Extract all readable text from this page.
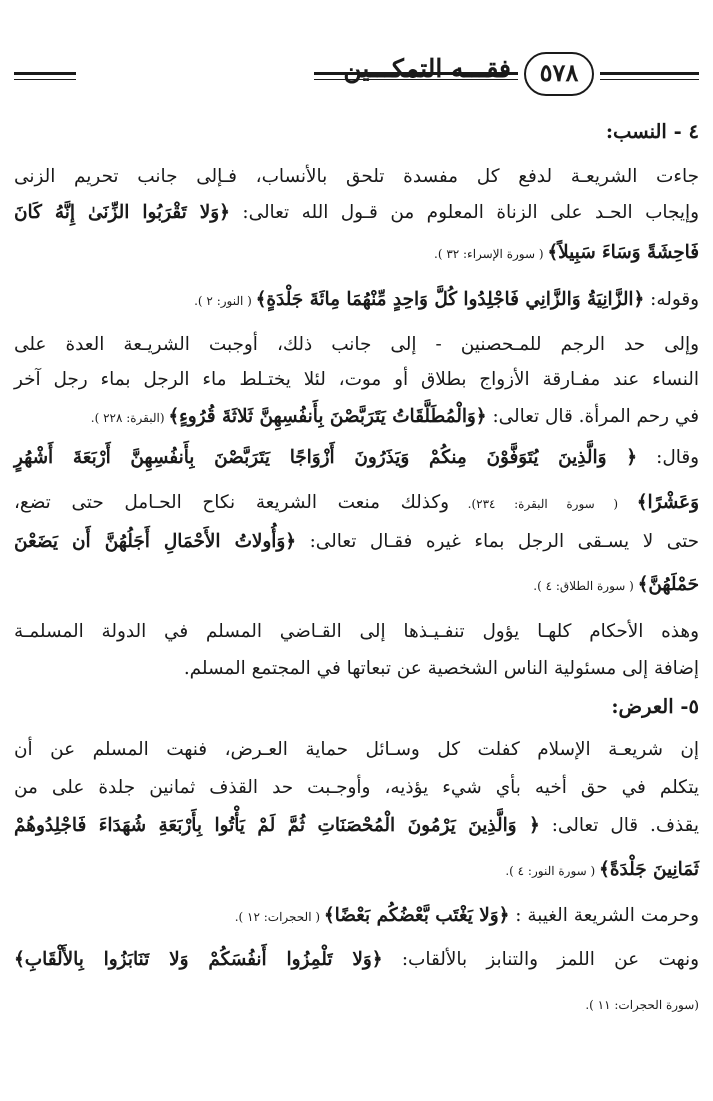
فقـــه التمكـــين	٥٧٨
٤ - النسب:
جاءت الشريعـة لدفع كل مفسدة تلحق بالأنساب، فـإلى جانب تحريم الزنى
وإيجاب الحـد على الزناة المعلوم من قـول الله تعالى: ﴿وَلا تَقْرَبُوا الزِّنَىٰ إِنَّهُ كَانَ
فَاحِشَةً وَسَاءَ سَبِيلاً﴾ ( سورة الإسراء: ٣٢ ).
وقوله: ﴿الزَّانِيَةُ وَالزَّانِي فَاجْلِدُوا كُلَّ وَاحِدٍ مِّنْهُمَا مِائَةَ جَلْدَةٍ﴾ ( النور: ٢ ).
وإلى حد الرجم للمـحصنين - إلى جانب ذلك، أوجبت الشريـعة العدة على
النساء عند مفـارقة الأزواج بطلاق أو موت، لئلا يختـلط ماء الرجل بماء رجل آخر
في رحم المرأة. قال تعالى: ﴿وَالْمُطَلَّقَاتُ يَتَرَبَّصْنَ بِأَنفُسِهِنَّ ثَلاثَةَ قُرُوءٍ﴾ (البقرة: ٢٢٨ ).
وقال: ﴿ وَالَّذِينَ يُتَوَفَّوْنَ مِنكُمْ وَيَذَرُونَ أَزْوَاجًا يَتَرَبَّصْنَ بِأَنفُسِهِنَّ أَرْبَعَةَ أَشْهُرٍ
وَعَشْرًا﴾ ( سورة البقرة: ٢٣٤). وكذلك منعت الشريعة نكاح الحـامل حتى تضع،
حتى لا يسـقى الرجل بماء غيره فقـال تعالى: ﴿وَأُولاتُ الأَحْمَالِ أَجَلُهُنَّ أَن يَضَعْنَ
حَمْلَهُنَّ﴾ ( سورة الطلاق: ٤ ).
وهذه الأحكام كلهـا يؤول تنفـيـذها إلى القـاضي المسلم في الدولة المسلمـة
إضافة إلى مسئولية الناس الشخصية عن تبعاتها في المجتمع المسلم.
٥- العرض:
إن شريعـة الإسلام كفلت كل وسـائل حماية العـرض، فنهت المسلم عن أن
يتكلم في حق أخيه بأي شيء يؤذيه، وأوجـبت حد القذف ثمانين جلدة على من
يقذف. قال تعالى: ﴿ وَالَّذِينَ يَرْمُونَ الْمُحْصَنَاتِ ثُمَّ لَمْ يَأْتُوا بِأَرْبَعَةِ شُهَدَاءَ فَاجْلِدُوهُمْ
ثَمَانِينَ جَلْدَةً﴾ ( سورة النور: ٤ ).
وحرمت الشريعة الغيبة : ﴿وَلا يَغْتَب بَّعْضُكُم بَعْضًا﴾ ( الحجرات: ١٢ ).
ونهت عن اللمز والتنابز بالألقاب: ﴿وَلا تَلْمِزُوا أَنفُسَكُمْ وَلا تَنَابَزُوا بِالأَلْقَابِ﴾
(سورة الحجرات: ١١ ).
